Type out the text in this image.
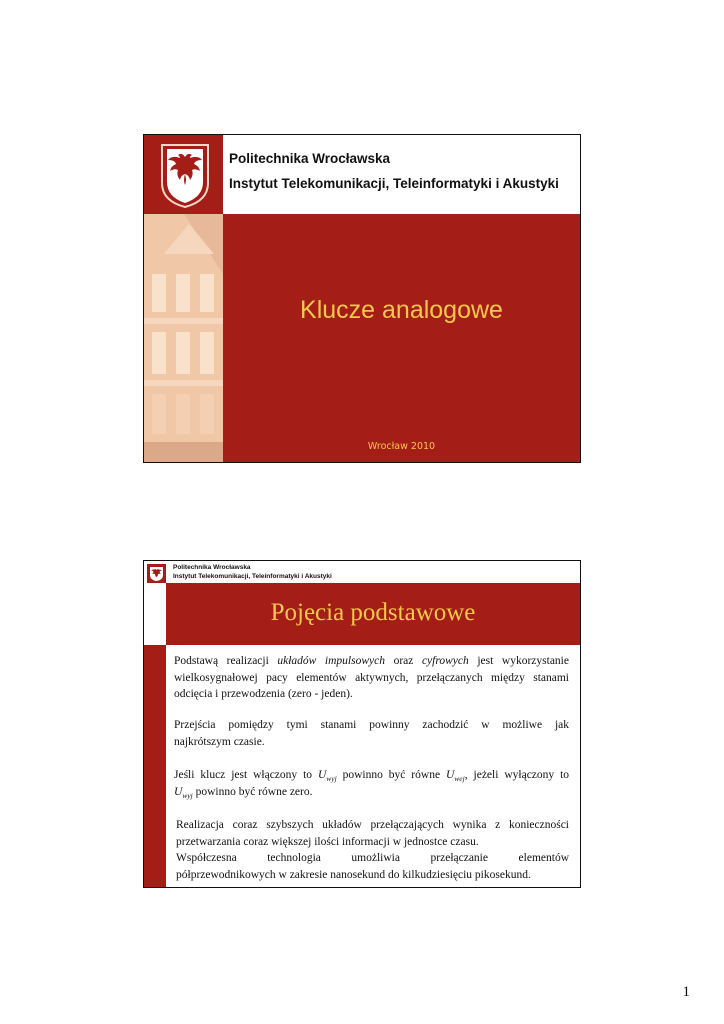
Politechnika Wrocławska
Instytut Telekomunikacji, Teleinformatyki i Akustyki
Klucze analogowe
Wrocław 2010
Politechnika Wrocławska
Instytut Telekomunikacji, Teleinformatyki i Akustyki
Pojęcia podstawowe
Podstawą realizacji układów impulsowych oraz cyfrowych jest wykorzystanie
wielkosygnałowej pacy elementów aktywnych, przełączanych między stanami
odcięcia i przewodzenia (zero - jeden).
Przejścia pomiędzy tymi stanami powinny zachodzić w możliwe jak
najkrótszym czasie.
Jeśli klucz jest włączony to $U_{wyj}$ powinno być równe $U_{wej}$, jeżeli wyłączony to
$U_{wyj}$ powinno być równe zero.
Realizacja coraz szybszych układów przełączających wynika z konieczności
przetwarzania coraz większej ilości informacji w jednostce czasu.
Współczesna technologia umożliwia przełączanie elementów
półprzewodnikowych w zakresie nanosekund do kilkudziesięciu pikosekund.
1
